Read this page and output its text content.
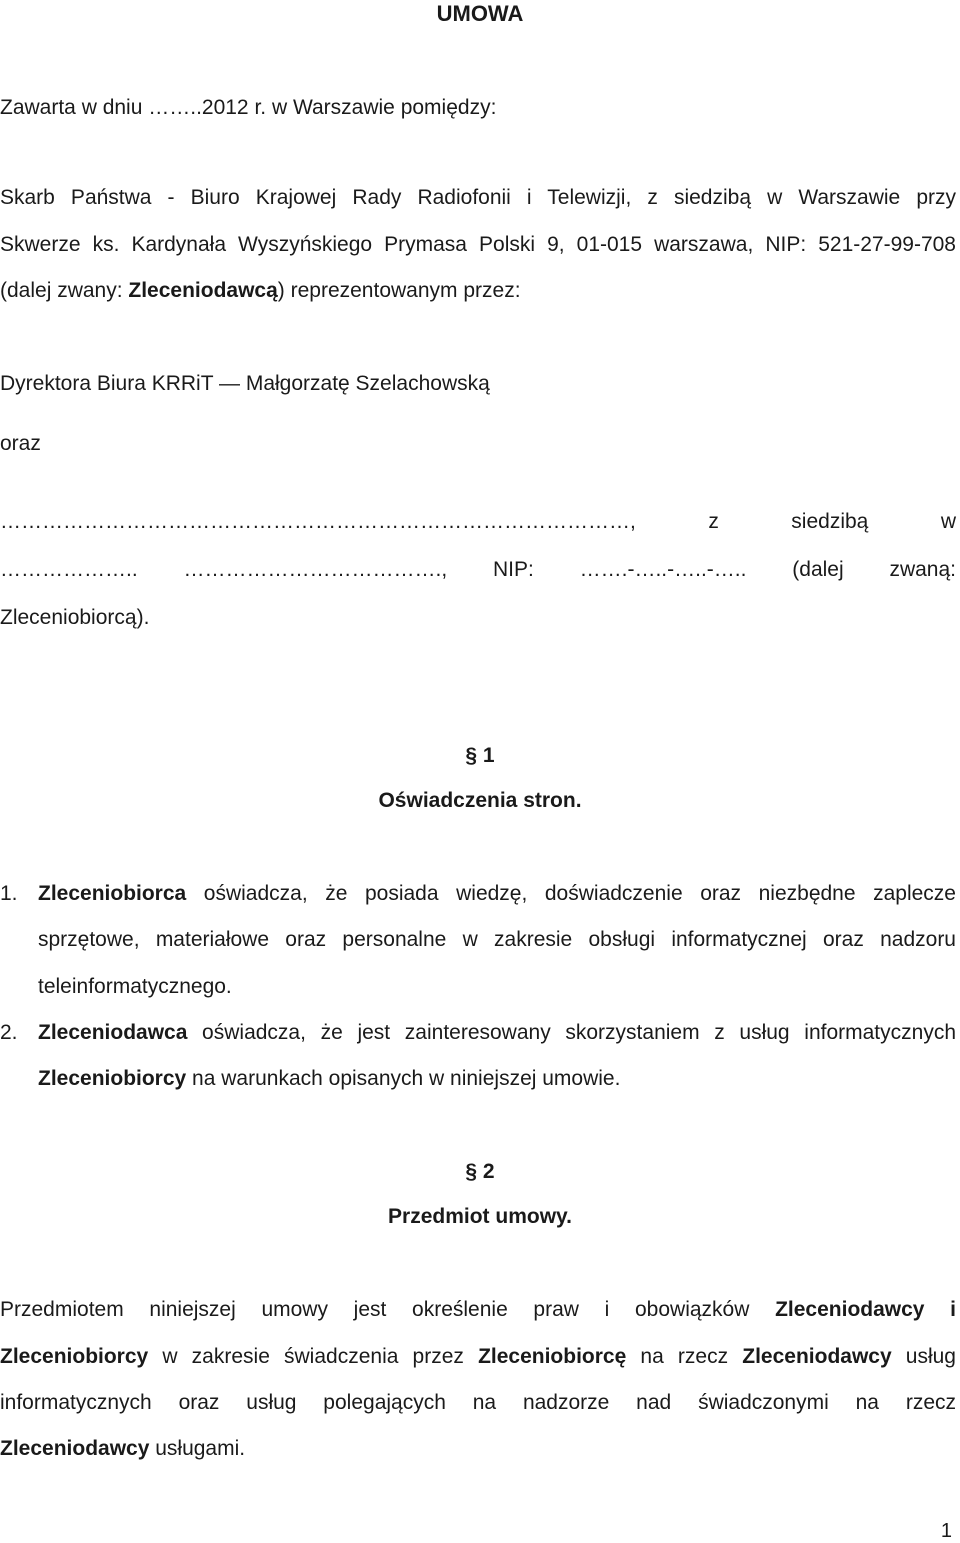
UMOWA
Zawarta w dniu ……..2012 r. w Warszawie pomiędzy:
Skarb Państwa - Biuro Krajowej Rady Radiofonii i Telewizji, z siedzibą w Warszawie przy
Skwerze ks. Kardynała Wyszyńskiego Prymasa Polski 9, 01-015 warszawa, NIP: 521-27-99-708
(dalej zwany: Zleceniodawcą) reprezentowanym przez:
Dyrektora Biura KRRiT — Małgorzatę Szelachowską
oraz
………………………………………………………………………………, z siedzibą w
……………….. ………………………………., NIP: …….-…..-…..-….. (dalej zwaną:
Zleceniobiorcą).
§ 1
Oświadczenia stron.
1. Zleceniobiorca oświadcza, że posiada wiedzę, doświadczenie oraz niezbędne zaplecze
sprzętowe, materiałowe oraz personalne w zakresie obsługi informatycznej oraz nadzoru
teleinformatycznego.
2. Zleceniodawca oświadcza, że jest zainteresowany skorzystaniem z usług informatycznych
Zleceniobiorcy na warunkach opisanych w niniejszej umowie.
§ 2
Przedmiot umowy.
Przedmiotem niniejszej umowy jest określenie praw i obowiązków Zleceniodawcy i
Zleceniobiorcy w zakresie świadczenia przez Zleceniobiorcę na rzecz Zleceniodawcy usług
informatycznych oraz usług polegających na nadzorze nad świadczonymi na rzecz
Zleceniodawcy usługami.
1
